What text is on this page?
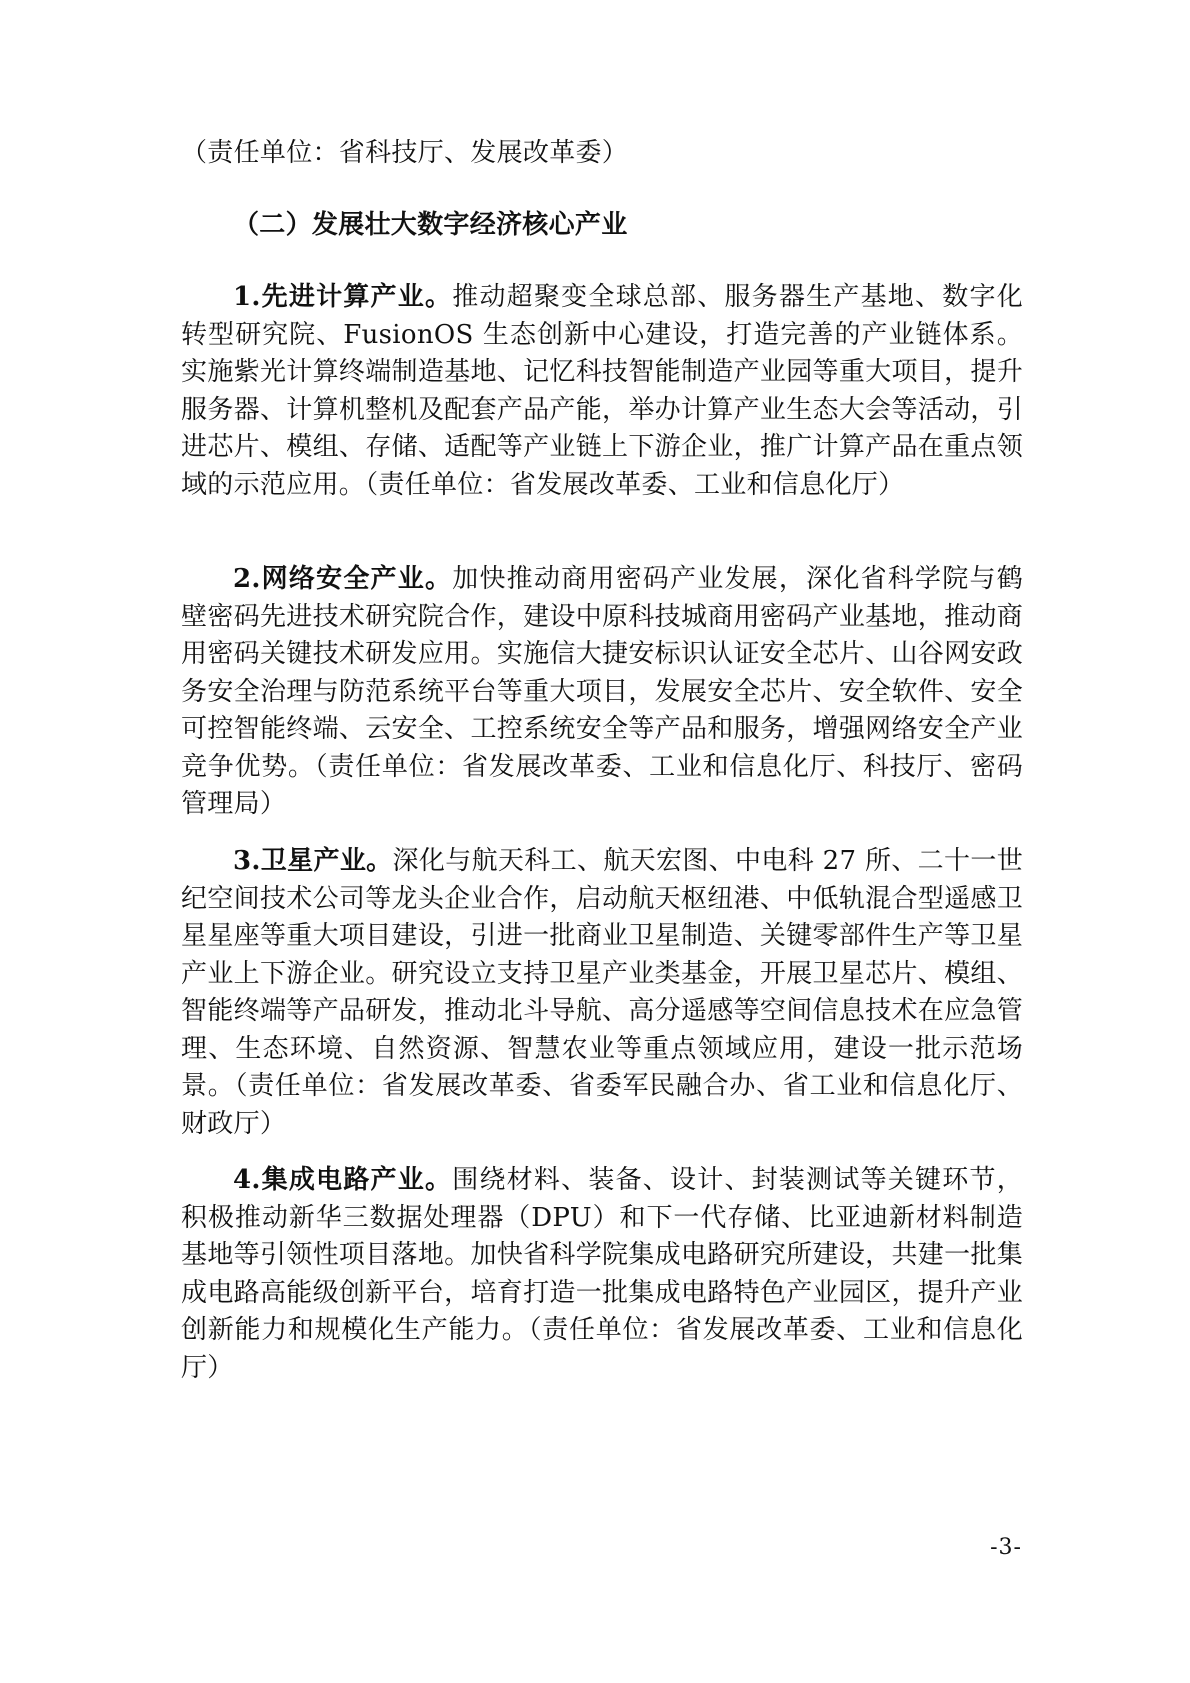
（责任单位：省科技厅、发展改革委）
（二）发展壮大数字经济核心产业
1.先进计算产业。推动超聚变全球总部、服务器生产基地、数字化转型研究院、FusionOS 生态创新中心建设，打造完善的产业链体系。实施紫光计算终端制造基地、记忆科技智能制造产业园等重大项目，提升服务器、计算机整机及配套产品产能，举办计算产业生态大会等活动，引进芯片、模组、存储、适配等产业链上下游企业，推广计算产品在重点领域的示范应用。（责任单位：省发展改革委、工业和信息化厅）
2.网络安全产业。加快推动商用密码产业发展，深化省科学院与鹤壁密码先进技术研究院合作，建设中原科技城商用密码产业基地，推动商用密码关键技术研发应用。实施信大捷安标识认证安全芯片、山谷网安政务安全治理与防范系统平台等重大项目，发展安全芯片、安全软件、安全可控智能终端、云安全、工控系统安全等产品和服务，增强网络安全产业竞争优势。（责任单位：省发展改革委、工业和信息化厅、科技厅、密码管理局）
3.卫星产业。深化与航天科工、航天宏图、中电科 27 所、二十一世纪空间技术公司等龙头企业合作，启动航天枢纽港、中低轨混合型遥感卫星星座等重大项目建设，引进一批商业卫星制造、关键零部件生产等卫星产业上下游企业。研究设立支持卫星产业类基金，开展卫星芯片、模组、智能终端等产品研发，推动北斗导航、高分遥感等空间信息技术在应急管理、生态环境、自然资源、智慧农业等重点领域应用，建设一批示范场景。（责任单位：省发展改革委、省委军民融合办、省工业和信息化厅、财政厅）
4.集成电路产业。围绕材料、装备、设计、封装测试等关键环节，积极推动新华三数据处理器（DPU）和下一代存储、比亚迪新材料制造基地等引领性项目落地。加快省科学院集成电路研究所建设，共建一批集成电路高能级创新平台，培育打造一批集成电路特色产业园区，提升产业创新能力和规模化生产能力。（责任单位：省发展改革委、工业和信息化厅）
-3-
